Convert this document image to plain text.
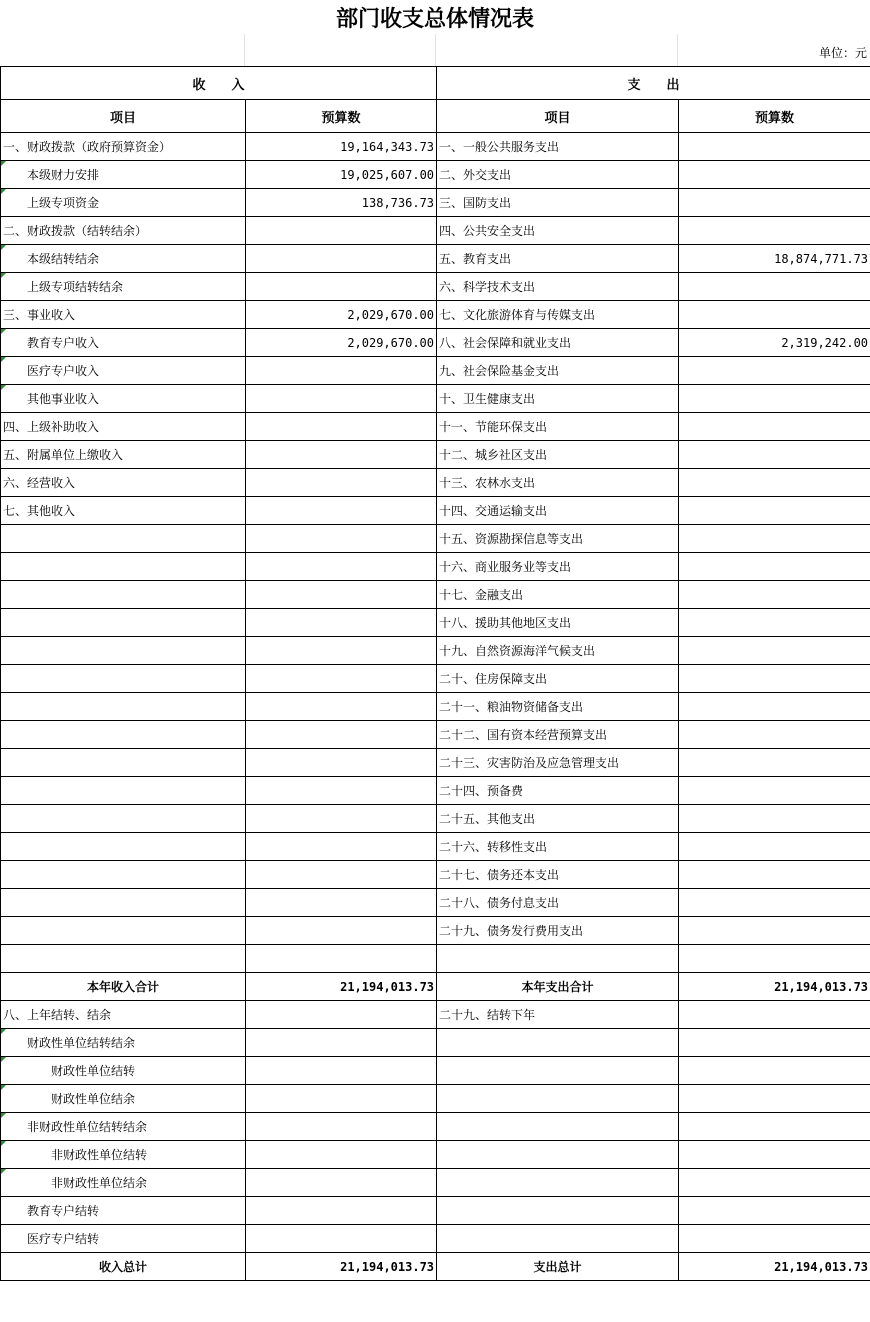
部门收支总体情况表
单位：元
收　　入		支　　出	
项目	预算数	项目	预算数
一、财政拨款（政府预算资金）	19,164,343.73	一、一般公共服务支出	

本级财力安排	19,025,607.00	二、外交支出	

上级专项资金	138,736.73	三、国防支出	
二、财政拨款（结转结余）		四、公共安全支出	

本级结转结余		五、教育支出	18,874,771.73

上级专项结转结余		六、科学技术支出	
三、事业收入	2,029,670.00	七、文化旅游体育与传媒支出	

教育专户收入	2,029,670.00	八、社会保障和就业支出	2,319,242.00

医疗专户收入		九、社会保险基金支出	

其他事业收入		十、卫生健康支出	
四、上级补助收入		十一、节能环保支出	
五、附属单位上缴收入		十二、城乡社区支出	
六、经营收入		十三、农林水支出	
七、其他收入		十四、交通运输支出	
		十五、资源勘探信息等支出	
		十六、商业服务业等支出	
		十七、金融支出	
		十八、援助其他地区支出	
		十九、自然资源海洋气候支出	
		二十、住房保障支出	
		二十一、粮油物资储备支出	
		二十二、国有资本经营预算支出	
		二十三、灾害防治及应急管理支出	
		二十四、预备费	
		二十五、其他支出	
		二十六、转移性支出	
		二十七、债务还本支出	
		二十八、债务付息支出	
		二十九、债务发行费用支出	

本年收入合计	21,194,013.73	本年支出合计	21,194,013.73
八、上年结转、结余		二十九、结转下年	

财政性单位结转结余			

财政性单位结转			

财政性单位结余			

非财政性单位结转结余			

非财政性单位结转			

非财政性单位结余			
教育专户结转			
医疗专户结转			
收入总计	21,194,013.73	支出总计	21,194,013.73
